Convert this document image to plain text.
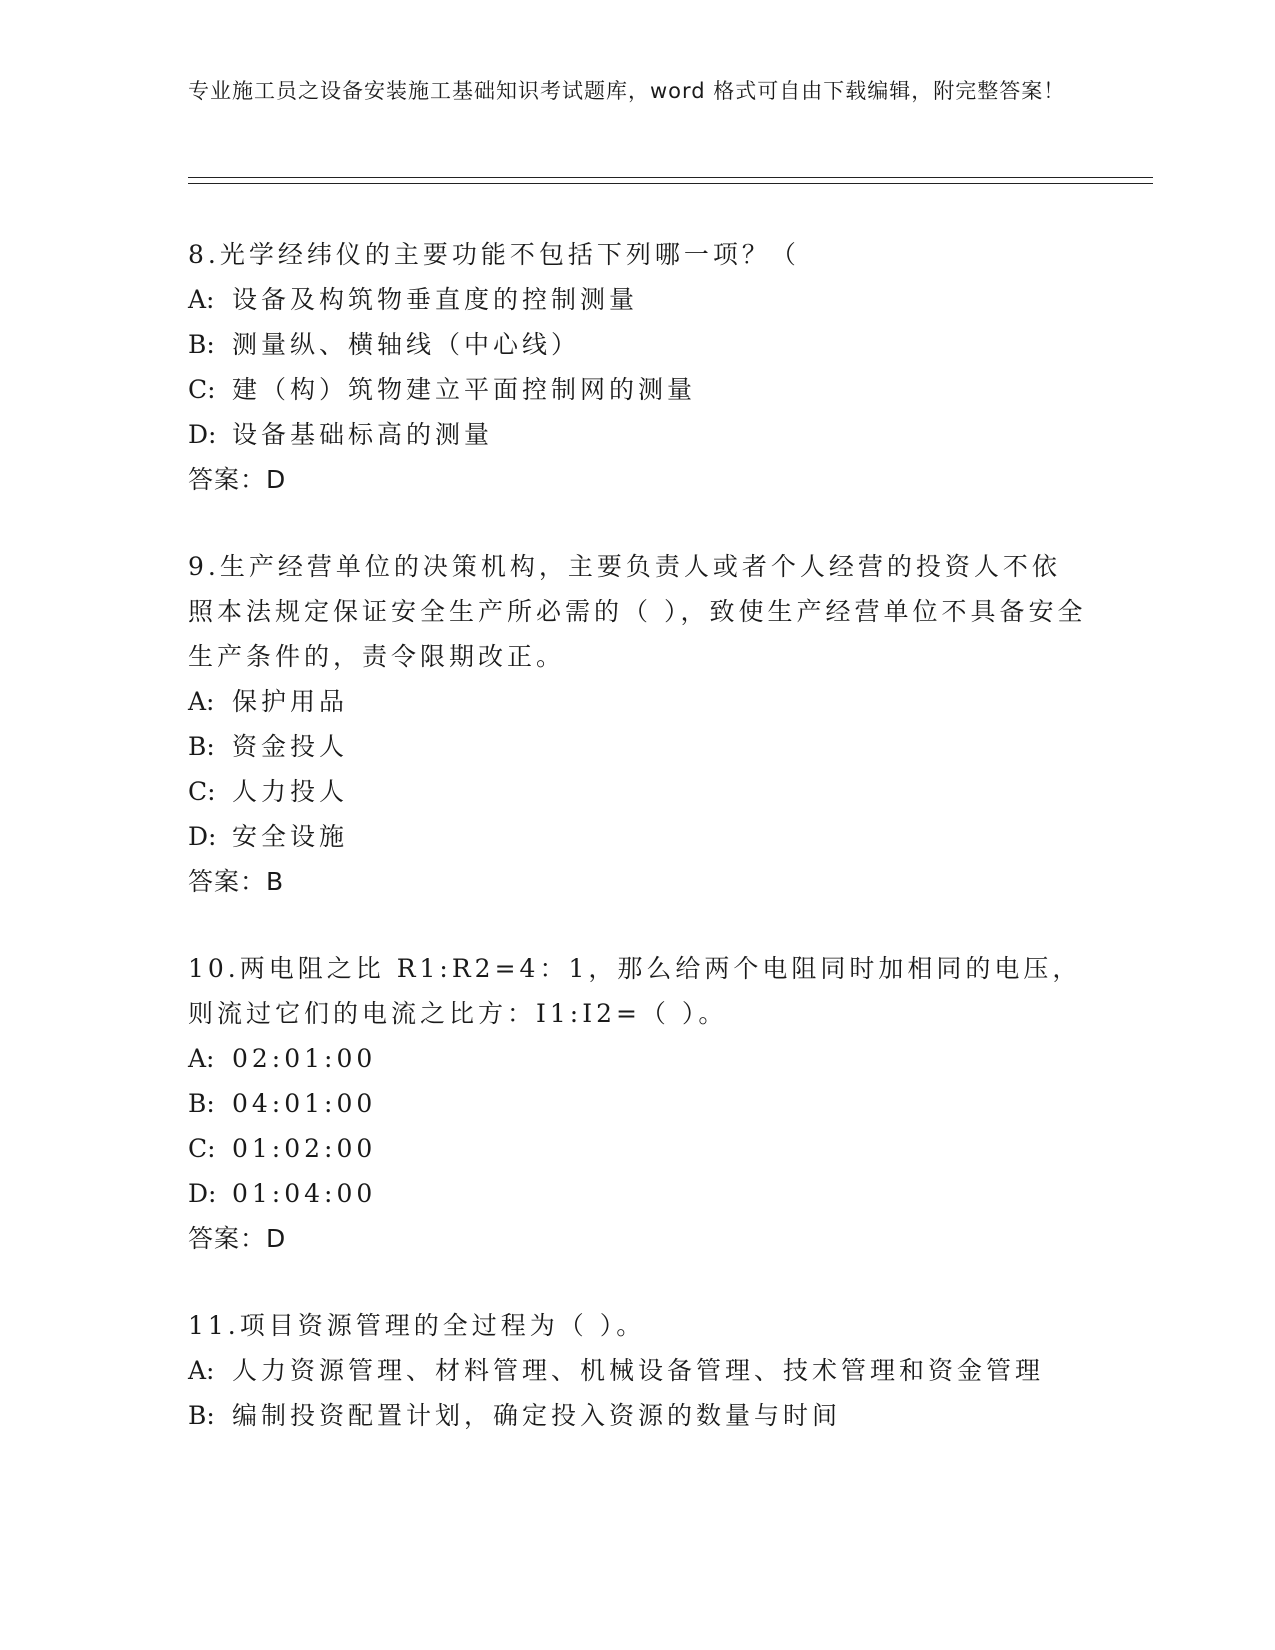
专业施工员之设备安装施工基础知识考试题库，word 格式可自由下载编辑，附完整答案！

8.光学经纬仪的主要功能不包括下列哪一项？（

A: 设备及构筑物垂直度的控制测量

B: 测量纵、横轴线（中心线）

C: 建（构）筑物建立平面控制网的测量

D: 设备基础标高的测量

答案：D

9.生产经营单位的决策机构，主要负责人或者个人经营的投资人不依照本法规定保证安全生产所必需的（ ），致使生产经营单位不具备安全生产条件的，责令限期改正。

A: 保护用品

B: 资金投人

C: 人力投人

D: 安全设施

答案：B

10.两电阻之比 R1:R2=4：1，那么给两个电阻同时加相同的电压，则流过它们的电流之比方：I1:I2=（ ）。

A: 02:01:00

B: 04:01:00

C: 01:02:00

D: 01:04:00

答案：D

11.项目资源管理的全过程为（ ）。

A: 人力资源管理、材料管理、机械设备管理、技术管理和资金管理

B: 编制投资配置计划，确定投入资源的数量与时间
